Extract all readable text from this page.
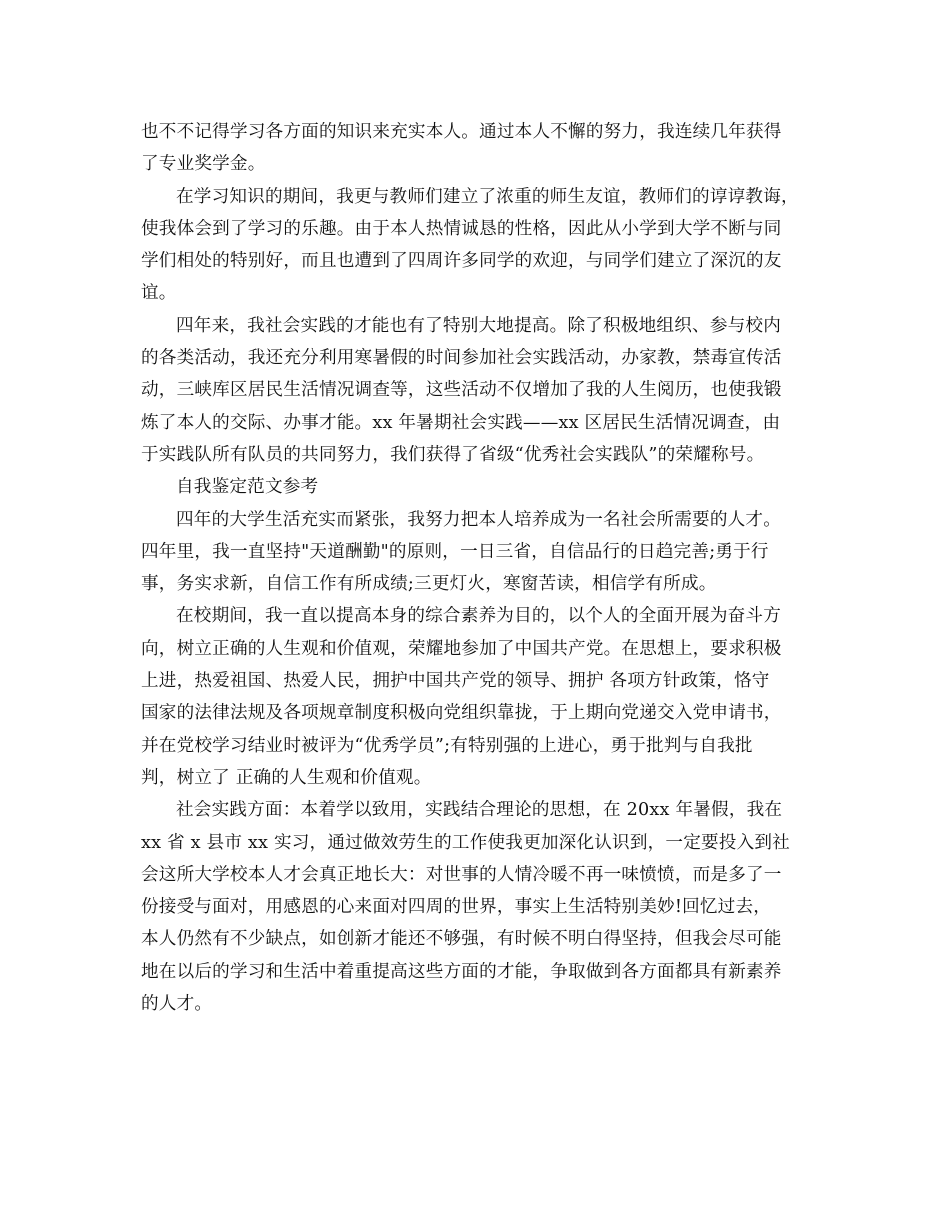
也不不记得学习各方面的知识来充实本人。通过本人不懈的努力，我连续几年获得
了专业奖学金。
在学习知识的期间，我更与教师们建立了浓重的师生友谊，教师们的谆谆教诲，
使我体会到了学习的乐趣。由于本人热情诚恳的性格，因此从小学到大学不断与同
学们相处的特别好，而且也遭到了四周许多同学的欢迎，与同学们建立了深沉的友
谊。
四年来，我社会实践的才能也有了特别大地提高。除了积极地组织、参与校内
的各类活动，我还充分利用寒暑假的时间参加社会实践活动，办家教，禁毒宣传活
动，三峡库区居民生活情况调查等，这些活动不仅增加了我的人生阅历，也使我锻
炼了本人的交际、办事才能。xx 年暑期社会实践——xx 区居民生活情况调查，由
于实践队所有队员的共同努力，我们获得了省级“优秀社会实践队”的荣耀称号。
自我鉴定范文参考
四年的大学生活充实而紧张，我努力把本人培养成为一名社会所需要的人才。
四年里，我一直坚持"天道酬勤"的原则，一日三省，自信品行的日趋完善;勇于行
事，务实求新，自信工作有所成绩;三更灯火，寒窗苦读，相信学有所成。
在校期间，我一直以提高本身的综合素养为目的，以个人的全面开展为奋斗方
向，树立正确的人生观和价值观，荣耀地参加了中国共产党。在思想上，要求积极
上进，热爱祖国、热爱人民，拥护中国共产党的领导、拥护 各项方针政策，恪守
国家的法律法规及各项规章制度积极向党组织靠拢，于上期向党递交入党申请书，
并在党校学习结业时被评为“优秀学员”;有特别强的上进心，勇于批判与自我批
判，树立了 正确的人生观和价值观。
社会实践方面：本着学以致用，实践结合理论的思想，在 20xx 年暑假，我在
xx 省 x 县市 xx 实习，通过做效劳生的工作使我更加深化认识到，一定要投入到社
会这所大学校本人才会真正地长大：对世事的人情冷暖不再一味愤愤，而是多了一
份接受与面对，用感恩的心来面对四周的世界，事实上生活特别美妙!回忆过去，
本人仍然有不少缺点，如创新才能还不够强，有时候不明白得坚持，但我会尽可能
地在以后的学习和生活中着重提高这些方面的才能，争取做到各方面都具有新素养
的人才。
